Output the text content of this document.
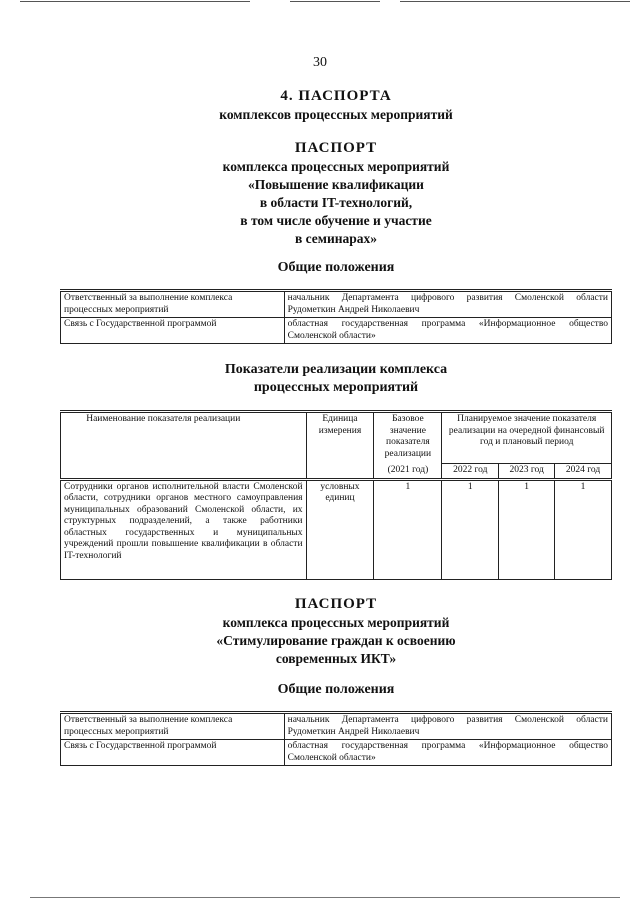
30
4. ПАСПОРТА
комплексов процессных мероприятий
ПАСПОРТ
комплекса процессных мероприятий
«Повышение квалификации
в области IT-технологий,
в том числе обучение и участие
в семинарах»
Общие положения
Ответственный за выполнение комплекса процессных мероприятий	начальник Департамента цифрового развития Смоленской области Рудометкин Андрей Николаевич
Связь с Государственной программой	областная государственная программа «Информационное общество Смоленской области»
Показатели реализации комплекса
процессных мероприятий
Наименование показателя реализации	Единица измерения	Базовое значение показателя реализации	Планируемое значение показателя реализации на очередной финансовый год и плановый период		
		(2021 год)	2022 год	2023 год	2024 год
Сотрудники органов исполнительной власти Смоленской области, сотрудники органов местного самоуправления муниципальных образований Смоленской области, их структурных подразделений, а также работники областных государственных и муниципальных учреждений прошли повышение квалификации в области IT-технологий	условных единиц	1	1	1	1
ПАСПОРТ
комплекса процессных мероприятий
«Стимулирование граждан к освоению
современных ИКТ»
Общие положения
Ответственный за выполнение комплекса процессных мероприятий	начальник Департамента цифрового развития Смоленской области Рудометкин Андрей Николаевич
Связь с Государственной программой	областная государственная программа «Информационное общество Смоленской области»
